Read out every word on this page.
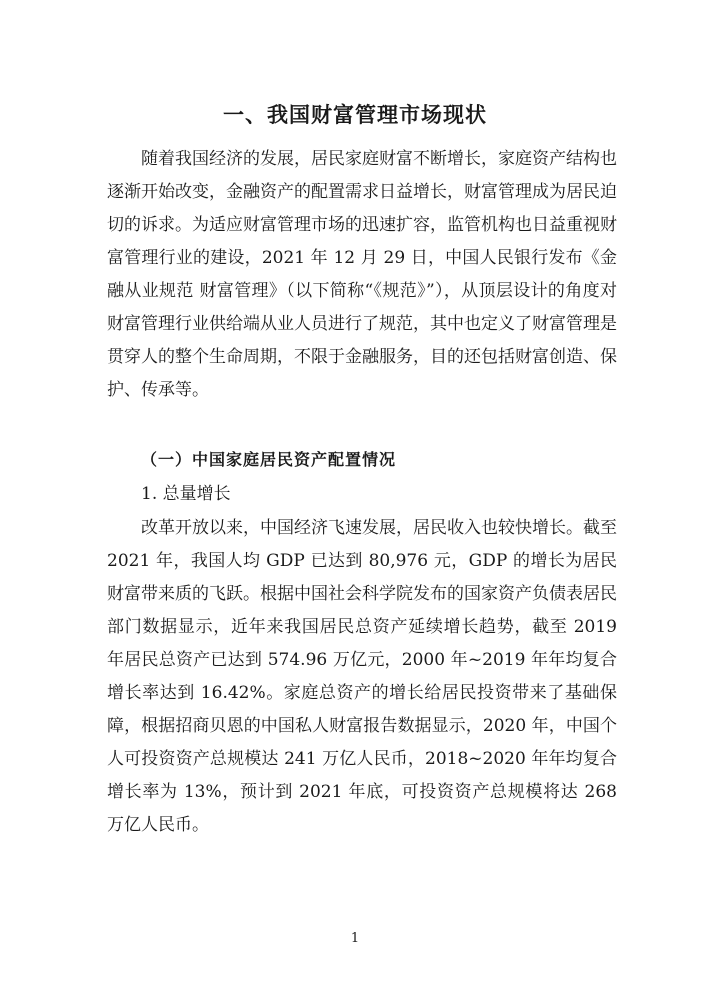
一、我国财富管理市场现状

随着我国经济的发展，居民家庭财富不断增长，家庭资产结构也逐渐开始改变，金融资产的配置需求日益增长，财富管理成为居民迫切的诉求。为适应财富管理市场的迅速扩容，监管机构也日益重视财富管理行业的建设，2021 年 12 月 29 日，中国人民银行发布《金融从业规范 财富管理》（以下简称“《规范》”），从顶层设计的角度对财富管理行业供给端从业人员进行了规范，其中也定义了财富管理是贯穿人的整个生命周期，不限于金融服务，目的还包括财富创造、保护、传承等。

（一）中国家庭居民资产配置情况
1. 总量增长

改革开放以来，中国经济飞速发展，居民收入也较快增长。截至 2021 年，我国人均 GDP 已达到 80,976 元，GDP 的增长为居民财富带来质的飞跃。根据中国社会科学院发布的国家资产负债表居民部门数据显示，近年来我国居民总资产延续增长趋势，截至 2019 年居民总资产已达到 574.96 万亿元，2000 年~2019 年年均复合增长率达到 16.42%。家庭总资产的增长给居民投资带来了基础保障，根据招商贝恩的中国私人财富报告数据显示，2020 年，中国个人可投资资产总规模达 241 万亿人民币，2018~2020 年年均复合增长率为 13%，预计到 2021 年底，可投资资产总规模将达 268 万亿人民币。

1
